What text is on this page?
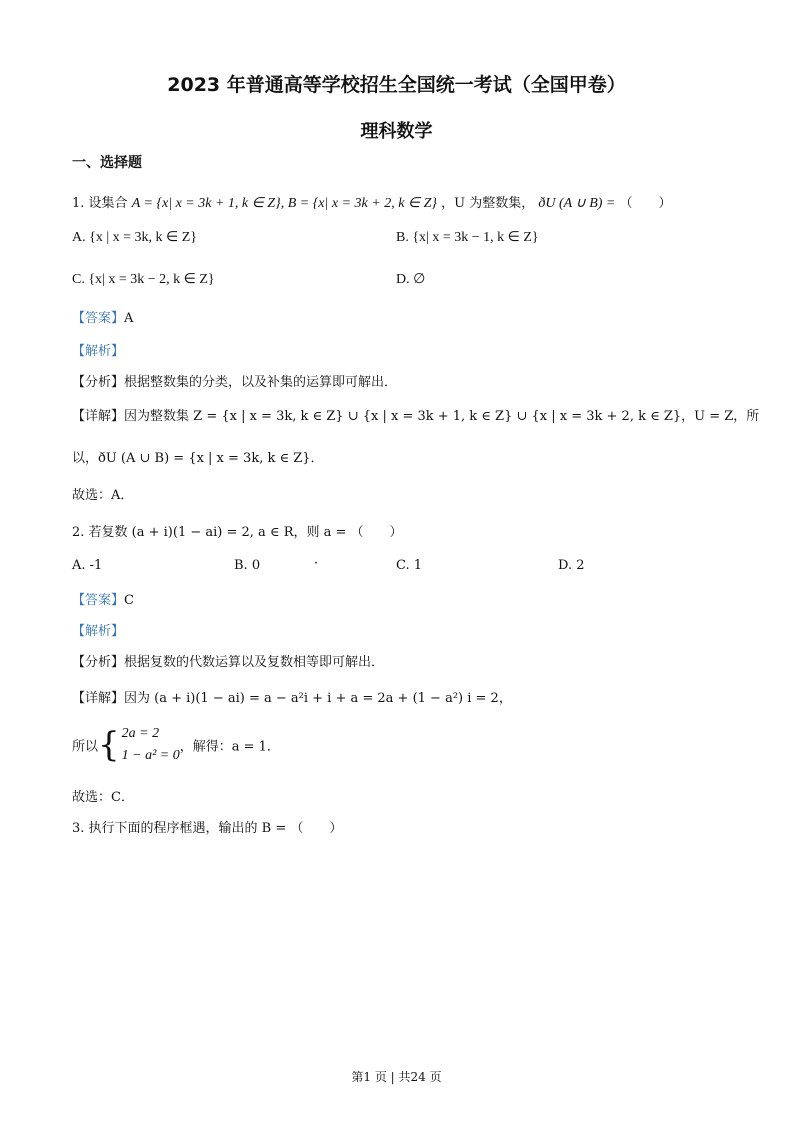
2023 年普通高等学校招生全国统一考试（全国甲卷）
理科数学
一、选择题
1. 设集合 A = {x| x = 3k + 1, k ∈ Z}, B = {x| x = 3k + 2, k ∈ Z} ，U 为整数集， ðU (A ∪ B) = （　　）
A. {x | x = 3k, k ∈ Z}	B. {x| x = 3k − 1, k ∈ Z}
C. {x| x = 3k − 2, k ∈ Z}	D. ∅
【答案】A
【解析】
【分析】根据整数集的分类，以及补集的运算即可解出．
【详解】因为整数集 Z = {x | x = 3k, k ∈ Z} ∪ {x | x = 3k + 1, k ∈ Z} ∪ {x | x = 3k + 2, k ∈ Z}，U = Z，所
以，ðU (A ∪ B) = {x | x = 3k, k ∈ Z}．
故选：A．
2. 若复数 (a + i)(1 − ai) = 2, a ∈ R，则 a = （　　）
A. -1	B. 0	·	C. 1	D. 2
【答案】C
【解析】
【分析】根据复数的代数运算以及复数相等即可解出．
【详解】因为 (a + i)(1 − ai) = a − a²i + i + a = 2a + (1 − a²) i = 2，
所以{ 2a = 2
1 − a² = 0
，解得：a = 1．
故选：C．
3. 执行下面的程序框遇，输出的 B = （　　）
第1 页 | 共24 页
